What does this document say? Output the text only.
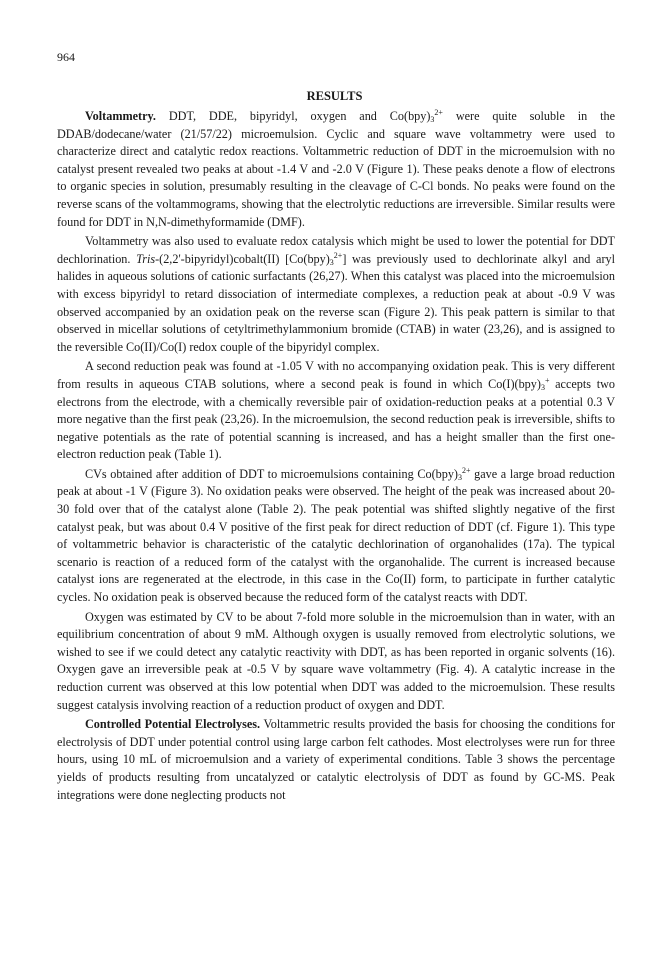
964
RESULTS

Voltammetry. DDT, DDE, bipyridyl, oxygen and $Co(bpy)_3^{2+}$ were quite soluble in the DDAB/dodecane/water (21/57/22) microemulsion. Cyclic and square wave voltammetry were used to characterize direct and catalytic redox reactions. Voltammetric reduction of DDT in the microemulsion with no catalyst present revealed two peaks at about -1.4 V and -2.0 V (Figure 1). These peaks denote a flow of electrons to organic species in solution, presumably resulting in the cleavage of C-Cl bonds. No peaks were found on the reverse scans of the voltammograms, showing that the electrolytic reductions are irreversible. Similar results were found for DDT in N,N-dimethyformamide (DMF).

Voltammetry was also used to evaluate redox catalysis which might be used to lower the potential for DDT dechlorination. Tris-(2,2'-bipyridyl)cobalt(II) $[Co(bpy)_3^{2+}]$ was previously used to dechlorinate alkyl and aryl halides in aqueous solutions of cationic surfactants (26,27). When this catalyst was placed into the microemulsion with excess bipyridyl to retard dissociation of intermediate complexes, a reduction peak at about -0.9 V was observed accompanied by an oxidation peak on the reverse scan (Figure 2). This peak pattern is similar to that observed in micellar solutions of cetyltrimethylammonium bromide (CTAB) in water (23,26), and is assigned to the reversible Co(II)/Co(I) redox couple of the bipyridyl complex.

A second reduction peak was found at -1.05 V with no accompanying oxidation peak. This is very different from results in aqueous CTAB solutions, where a second peak is found in which $Co(I)(bpy)_3^+$ accepts two electrons from the electrode, with a chemically reversible pair of oxidation-reduction peaks at a potential 0.3 V more negative than the first peak (23,26). In the microemulsion, the second reduction peak is irreversible, shifts to negative potentials as the rate of potential scanning is increased, and has a height smaller than the first one-electron reduction peak (Table 1).

CVs obtained after addition of DDT to microemulsions containing $Co(bpy)_3^{2+}$ gave a large broad reduction peak at about -1 V (Figure 3). No oxidation peaks were observed. The height of the peak was increased about 20-30 fold over that of the catalyst alone (Table 2). The peak potential was shifted slightly negative of the first catalyst peak, but was about 0.4 V positive of the first peak for direct reduction of DDT (cf. Figure 1). This type of voltammetric behavior is characteristic of the catalytic dechlorination of organohalides (17a). The typical scenario is reaction of a reduced form of the catalyst with the organohalide. The current is increased because catalyst ions are regenerated at the electrode, in this case in the Co(II) form, to participate in further catalytic cycles. No oxidation peak is observed because the reduced form of the catalyst reacts with DDT.

Oxygen was estimated by CV to be about 7-fold more soluble in the microemulsion than in water, with an equilibrium concentration of about 9 mM. Although oxygen is usually removed from electrolytic solutions, we wished to see if we could detect any catalytic reactivity with DDT, as has been reported in organic solvents (16). Oxygen gave an irreversible peak at -0.5 V by square wave voltammetry (Fig. 4). A catalytic increase in the reduction current was observed at this low potential when DDT was added to the microemulsion. These results suggest catalysis involving reaction of a reduction product of oxygen and DDT.

Controlled Potential Electrolyses. Voltammetric results provided the basis for choosing the conditions for electrolysis of DDT under potential control using large carbon felt cathodes. Most electrolyses were run for three hours, using 10 mL of microemulsion and a variety of experimental conditions. Table 3 shows the percentage yields of products resulting from uncatalyzed or catalytic electrolysis of DDT as found by GC-MS. Peak integrations were done neglecting products not
